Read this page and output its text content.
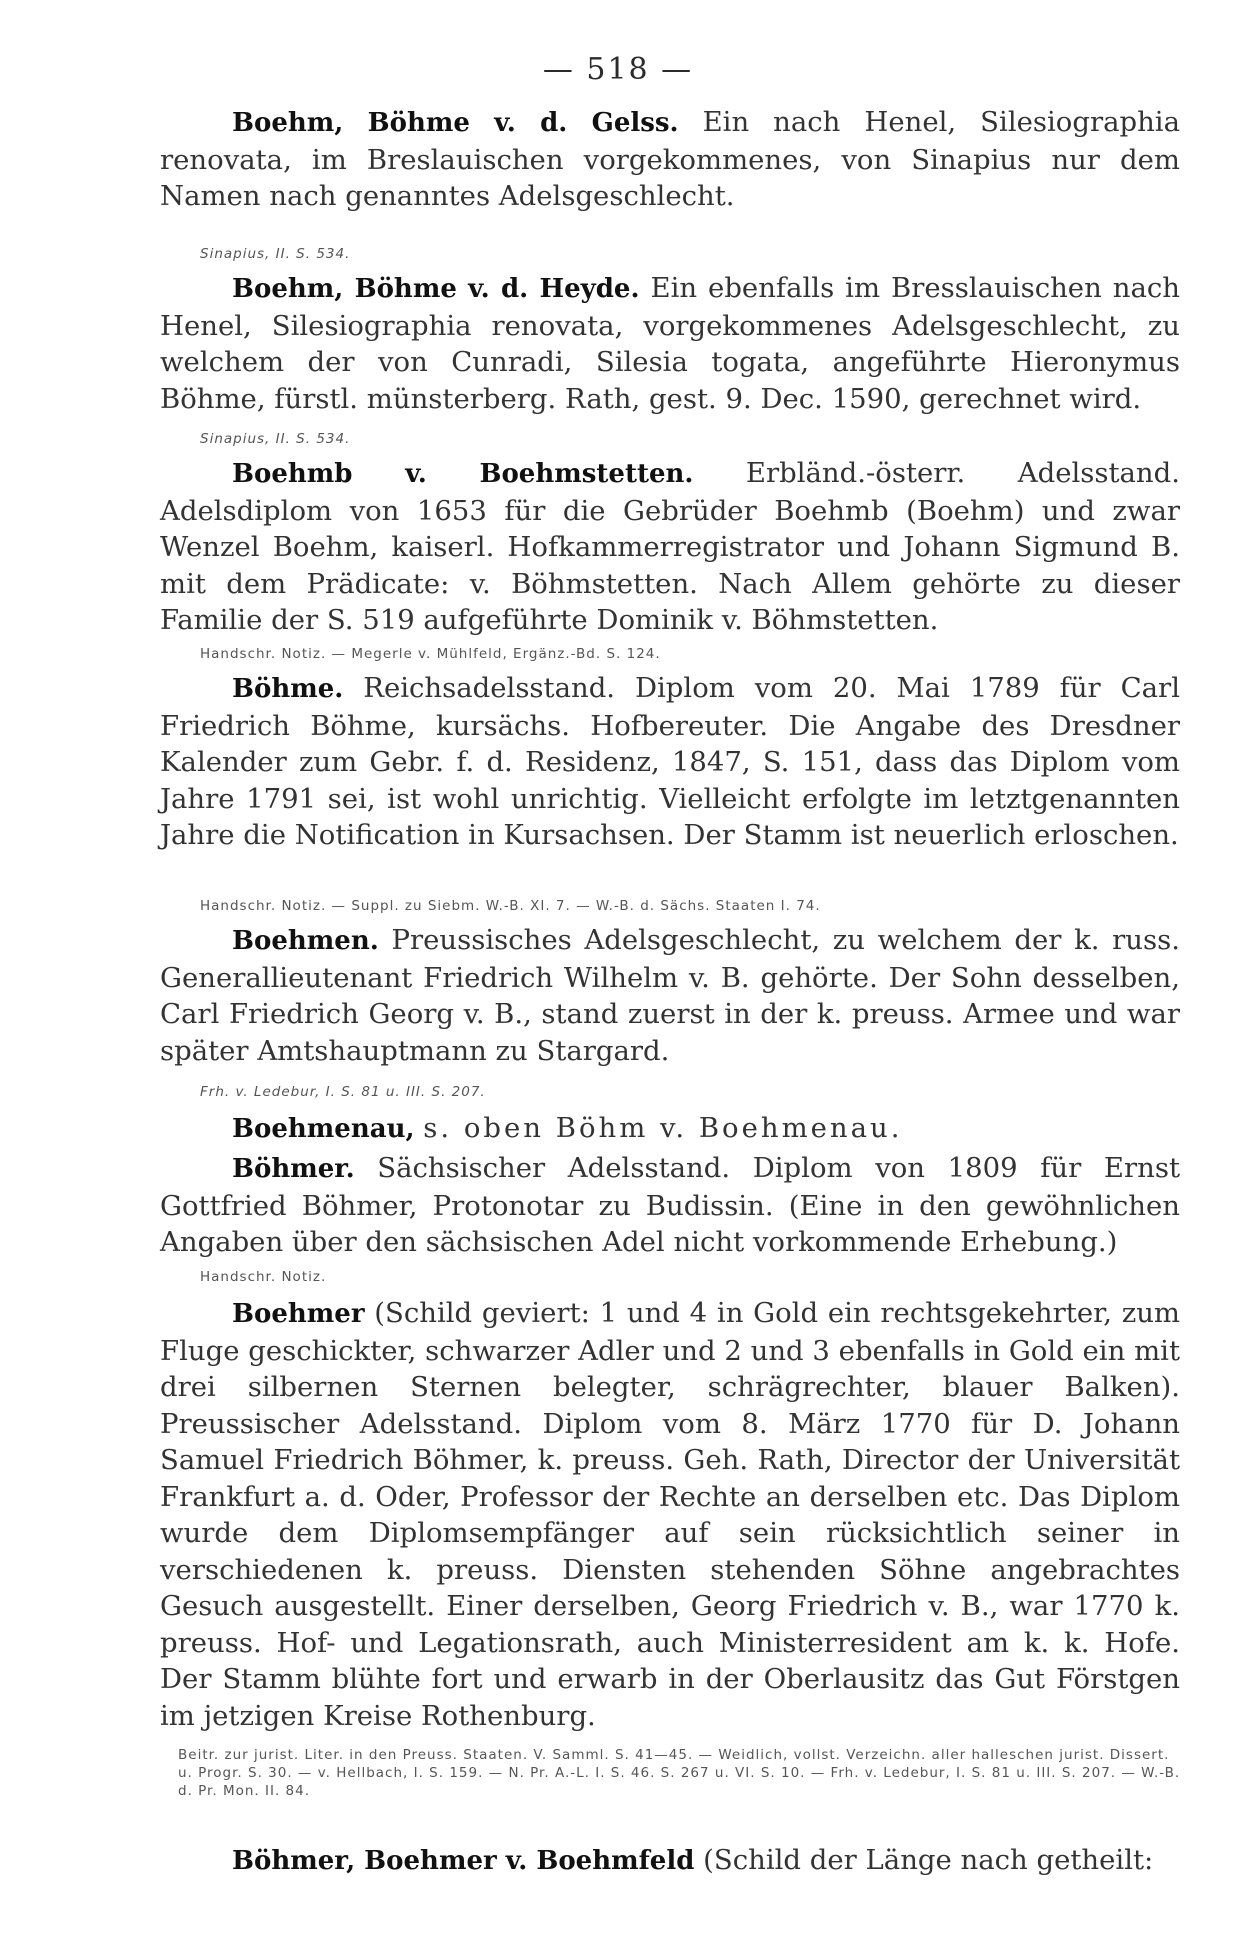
— 518 —

Boehm, Böhme v. d. Gelss. Ein nach Henel, Silesiographia renovata, im Breslauischen vorgekommenes, von Sinapius nur dem Namen nach genanntes Adelsgeschlecht.

Sinapius, II. S. 534.

Boehm, Böhme v. d. Heyde. Ein ebenfalls im Bresslauischen nach Henel, Silesiographia renovata, vorgekommenes Adelsgeschlecht, zu welchem der von Cunradi, Silesia togata, angeführte Hieronymus Böhme, fürstl. münsterberg. Rath, gest. 9. Dec. 1590, gerechnet wird.

Sinapius, II. S. 534.

Boehmb v. Boehmstetten. Erbländ.-österr. Adelsstand. Adelsdiplom von 1653 für die Gebrüder Boehmb (Boehm) und zwar Wenzel Boehm, kaiserl. Hofkammerregistrator und Johann Sigmund B. mit dem Prädicate: v. Böhmstetten. Nach Allem gehörte zu dieser Familie der S. 519 aufgeführte Dominik v. Böhmstetten.

Handschr. Notiz. — Megerle v. Mühlfeld, Ergänz.-Bd. S. 124.

Böhme. Reichsadelsstand. Diplom vom 20. Mai 1789 für Carl Friedrich Böhme, kursächs. Hofbereuter. Die Angabe des Dresdner Kalender zum Gebr. f. d. Residenz, 1847, S. 151, dass das Diplom vom Jahre 1791 sei, ist wohl unrichtig. Vielleicht erfolgte im letztgenannten Jahre die Notification in Kursachsen. Der Stamm ist neuerlich erloschen.

Handschr. Notiz. — Suppl. zu Siebm. W.-B. XI. 7. — W.-B. d. Sächs. Staaten I. 74.

Boehmen. Preussisches Adelsgeschlecht, zu welchem der k. russ. Generallieutenant Friedrich Wilhelm v. B. gehörte. Der Sohn desselben, Carl Friedrich Georg v. B., stand zuerst in der k. preuss. Armee und war später Amtshauptmann zu Stargard.

Frh. v. Ledebur, I. S. 81 u. III. S. 207.

Boehmenau, s. oben Böhm v. Boehmenau.

Böhmer. Sächsischer Adelsstand. Diplom von 1809 für Ernst Gottfried Böhmer, Protonotar zu Budissin. (Eine in den gewöhnlichen Angaben über den sächsischen Adel nicht vorkommende Erhebung.)

Handschr. Notiz.

Boehmer (Schild geviert: 1 und 4 in Gold ein rechtsgekehrter, zum Fluge geschickter, schwarzer Adler und 2 und 3 ebenfalls in Gold ein mit drei silbernen Sternen belegter, schrägrechter, blauer Balken). Preussischer Adelsstand. Diplom vom 8. März 1770 für D. Johann Samuel Friedrich Böhmer, k. preuss. Geh. Rath, Director der Universität Frankfurt a. d. Oder, Professor der Rechte an derselben etc. Das Diplom wurde dem Diplomsempfänger auf sein rücksichtlich seiner in verschiedenen k. preuss. Diensten stehenden Söhne angebrachtes Gesuch ausgestellt. Einer derselben, Georg Friedrich v. B., war 1770 k. preuss. Hof- und Legationsrath, auch Ministerresident am k. k. Hofe. Der Stamm blühte fort und erwarb in der Oberlausitz das Gut Förstgen im jetzigen Kreise Rothenburg.

Beitr. zur jurist. Liter. in den Preuss. Staaten. V. Samml. S. 41—45. — Weidlich, vollst. Verzeichn. aller halleschen jurist. Dissert. u. Progr. S. 30. — v. Hellbach, I. S. 159. — N. Pr. A.-L. I. S. 46. S. 267 u. VI. S. 10. — Frh. v. Ledebur, I. S. 81 u. III. S. 207. — W.-B. d. Pr. Mon. II. 84.

Böhmer, Boehmer v. Boehmfeld (Schild der Länge nach getheilt:
